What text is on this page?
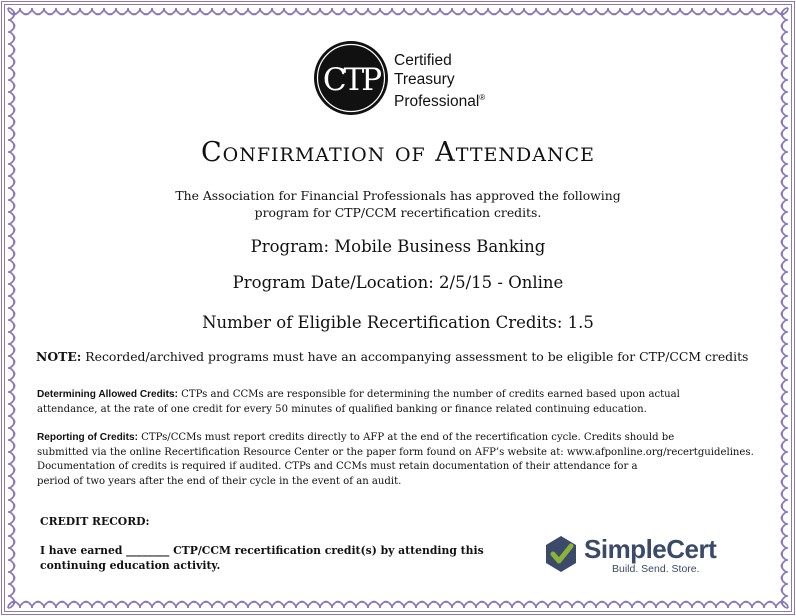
CTP
Certified
Treasury
Professional®
Confirmation of Attendance
The Association for Financial Professionals has approved the following
program for CTP/CCM recertification credits.
Program: Mobile Business Banking
Program Date/Location: 2/5/15 - Online
Number of Eligible Recertification Credits: 1.5
NOTE: Recorded/archived programs must have an accompanying assessment to be eligible for CTP/CCM credits
Determining Allowed Credits: CTPs and CCMs are responsible for determining the number of credits earned based upon actual
attendance, at the rate of one credit for every 50 minutes of qualified banking or finance related continuing education.
Reporting of Credits: CTPs/CCMs must report credits directly to AFP at the end of the recertification cycle. Credits should be
submitted via the online Recertification Resource Center or the paper form found on AFP’s website at: www.afponline.org/recertguidelines.
Documentation of credits is required if audited. CTPs and CCMs must retain documentation of their attendance for a
period of two years after the end of their cycle in the event of an audit.
CREDIT RECORD:
I have earned ________ CTP/CCM recertification credit(s) by attending this
continuing education activity.
SimpleCert
Build. Send. Store.
